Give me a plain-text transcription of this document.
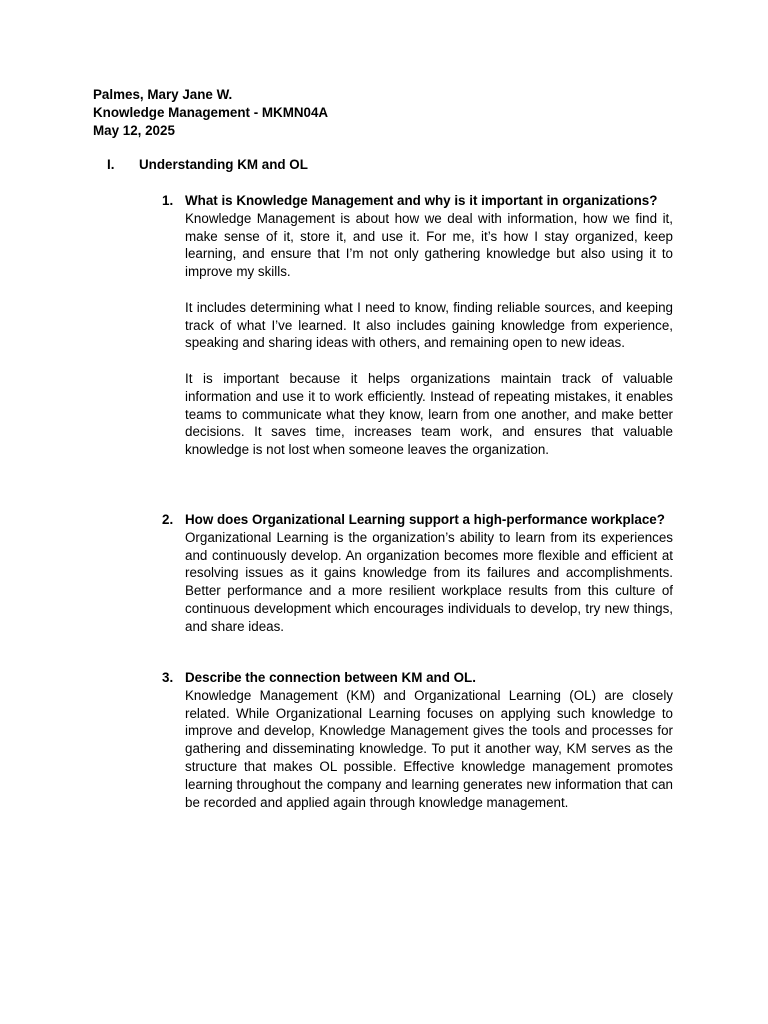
Palmes, Mary Jane W.
Knowledge Management - MKMN04A
May 12, 2025
I. Understanding KM and OL
1. What is Knowledge Management and why is it important in organizations?

Knowledge Management is about how we deal with information, how we find it, make sense of it, store it, and use it. For me, it’s how I stay organized, keep learning, and ensure that I’m not only gathering knowledge but also using it to improve my skills.

It includes determining what I need to know, finding reliable sources, and keeping track of what I’ve learned. It also includes gaining knowledge from experience, speaking and sharing ideas with others, and remaining open to new ideas.

It is important because it helps organizations maintain track of valuable information and use it to work efficiently. Instead of repeating mistakes, it enables teams to communicate what they know, learn from one another, and make better decisions. It saves time, increases team work, and ensures that valuable knowledge is not lost when someone leaves the organization.

2. How does Organizational Learning support a high-performance workplace?

Organizational Learning is the organization’s ability to learn from its experiences and continuously develop. An organization becomes more flexible and efficient at resolving issues as it gains knowledge from its failures and accomplishments. Better performance and a more resilient workplace results from this culture of continuous development which encourages individuals to develop, try new things, and share ideas.

3. Describe the connection between KM and OL.

Knowledge Management (KM) and Organizational Learning (OL) are closely related. While Organizational Learning focuses on applying such knowledge to improve and develop, Knowledge Management gives the tools and processes for gathering and disseminating knowledge. To put it another way, KM serves as the structure that makes OL possible. Effective knowledge management promotes learning throughout the company and learning generates new information that can be recorded and applied again through knowledge management.
